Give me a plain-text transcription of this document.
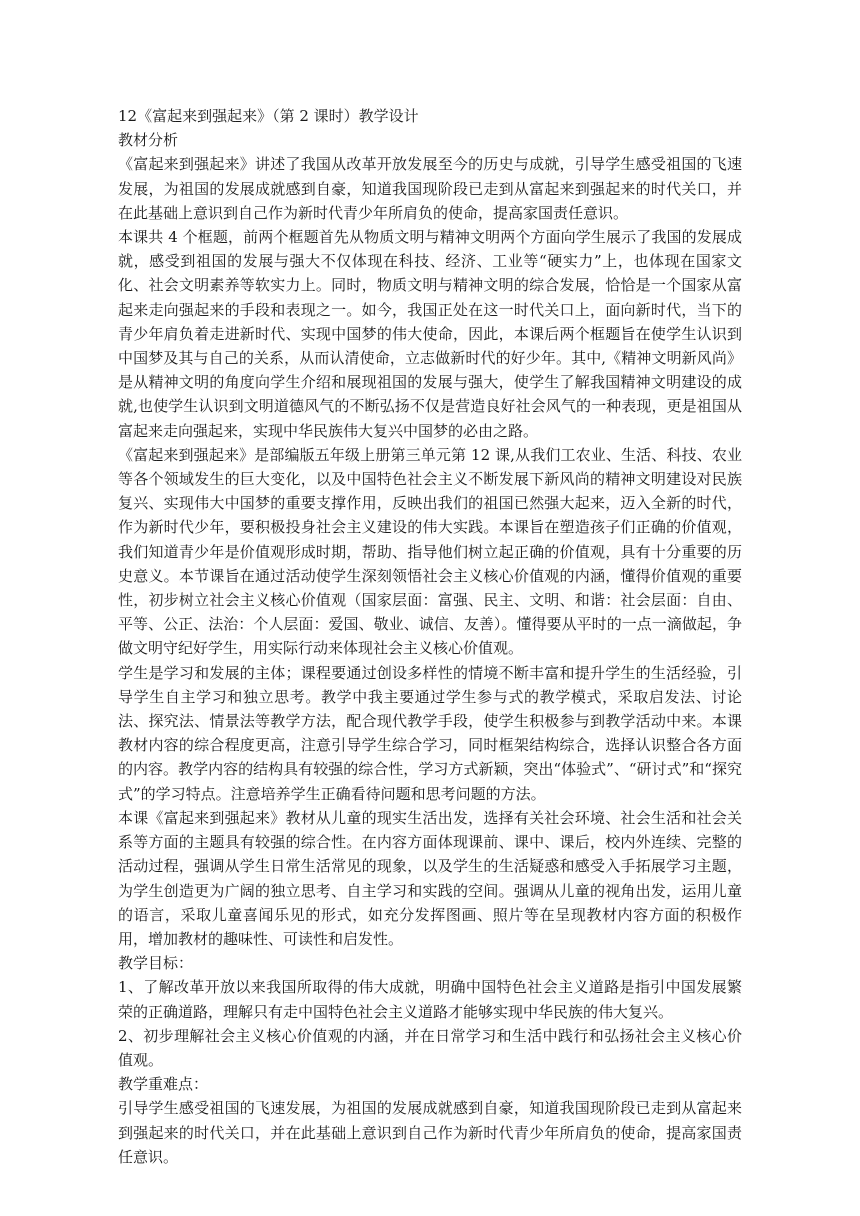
12《富起来到强起来》（第 2 课时）教学设计

教材分析

《富起来到强起来》讲述了我国从改革开放发展至今的历史与成就，引导学生感受祖国的飞速发展，为祖国的发展成就感到自豪，知道我国现阶段已走到从富起来到强起来的时代关口，并在此基础上意识到自己作为新时代青少年所肩负的使命，提高家国责任意识。

本课共 4 个框题，前两个框题首先从物质文明与精神文明两个方面向学生展示了我国的发展成就，感受到祖国的发展与强大不仅体现在科技、经济、工业等“硬实力”上，也体现在国家文化、社会文明素养等软实力上。同时，物质文明与精神文明的综合发展，恰恰是一个国家从富起来走向强起来的手段和表现之一。如今，我国正处在这一时代关口上，面向新时代，当下的青少年肩负着走进新时代、实现中国梦的伟大使命，因此，本课后两个框题旨在使学生认识到中国梦及其与自己的关系，从而认清使命，立志做新时代的好少年。其中,《精神文明新风尚》是从精神文明的角度向学生介绍和展现祖国的发展与强大，使学生了解我国精神文明建设的成就,也使学生认识到文明道德风气的不断弘扬不仅是营造良好社会风气的一种表现，更是祖国从富起来走向强起来，实现中华民族伟大复兴中国梦的必由之路。

《富起来到强起来》是部编版五年级上册第三单元第 12 课,从我们工农业、生活、科技、农业等各个领域发生的巨大变化，以及中国特色社会主义不断发展下新风尚的精神文明建设对民族复兴、实现伟大中国梦的重要支撑作用，反映出我们的祖国已然强大起来，迈入全新的时代，作为新时代少年，要积极投身社会主义建设的伟大实践。本课旨在塑造孩子们正确的价值观，我们知道青少年是价值观形成时期，帮助、指导他们树立起正确的价值观，具有十分重要的历史意义。本节课旨在通过活动使学生深刻领悟社会主义核心价值观的内涵，懂得价值观的重要性，初步树立社会主义核心价值观（国家层面：富强、民主、文明、和谐：社会层面：自由、平等、公正、法治：个人层面：爱国、敬业、诚信、友善）。懂得要从平时的一点一滴做起，争做文明守纪好学生，用实际行动来体现社会主义核心价值观。

学生是学习和发展的主体；课程要通过创设多样性的情境不断丰富和提升学生的生活经验，引导学生自主学习和独立思考。教学中我主要通过学生参与式的教学模式，采取启发法、讨论法、探究法、情景法等教学方法，配合现代教学手段，使学生积极参与到教学活动中来。本课教材内容的综合程度更高，注意引导学生综合学习，同时框架结构综合，选择认识整合各方面的内容。教学内容的结构具有较强的综合性，学习方式新颖，突出“体验式”、“研讨式”和“探究式”的学习特点。注意培养学生正确看待问题和思考问题的方法。

本课《富起来到强起来》教材从儿童的现实生活出发，选择有关社会环境、社会生活和社会关系等方面的主题具有较强的综合性。在内容方面体现课前、课中、课后，校内外连续、完整的活动过程，强调从学生日常生活常见的现象，以及学生的生活疑惑和感受入手拓展学习主题，为学生创造更为广阔的独立思考、自主学习和实践的空间。强调从儿童的视角出发，运用儿童的语言，采取儿童喜闻乐见的形式，如充分发挥图画、照片等在呈现教材内容方面的积极作用，增加教材的趣味性、可读性和启发性。

教学目标：

1、了解改革开放以来我国所取得的伟大成就，明确中国特色社会主义道路是指引中国发展繁荣的正确道路，理解只有走中国特色社会主义道路才能够实现中华民族的伟大复兴。

2、初步理解社会主义核心价值观的内涵，并在日常学习和生活中践行和弘扬社会主义核心价值观。

教学重难点：

引导学生感受祖国的飞速发展，为祖国的发展成就感到自豪，知道我国现阶段已走到从富起来到强起来的时代关口，并在此基础上意识到自己作为新时代青少年所肩负的使命，提高家国责任意识。
